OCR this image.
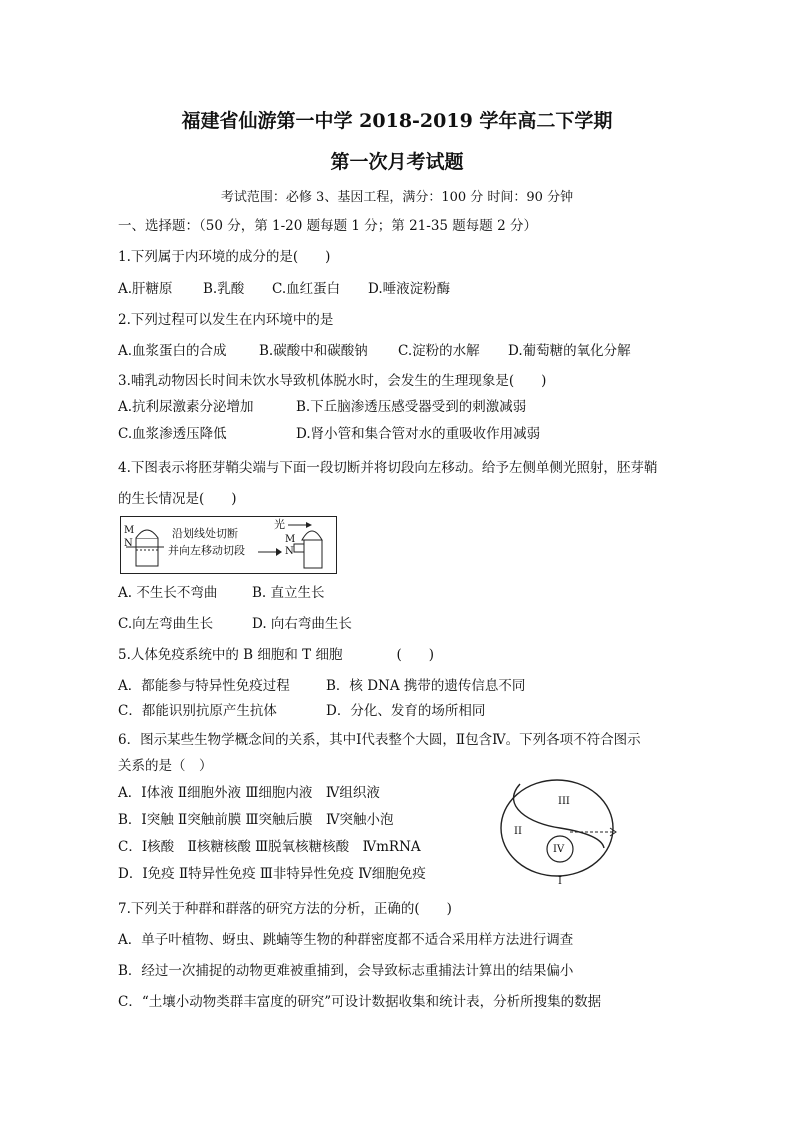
福建省仙游第一中学 2018-2019 学年高二下学期
第一次月考试题
考试范围：必修 3、基因工程，满分：100 分 时间：90 分钟
一、选择题：（50 分，第 1-20 题每题 1 分；第 21-35 题每题 2 分）
1.下列属于内环境的成分的是(　　)
A.肝糖原 B.乳酸 C.血红蛋白 D.唾液淀粉酶
2.下列过程可以发生在内环境中的是
A.血浆蛋白的合成 B.碳酸中和碳酸钠 C.淀粉的水解 D.葡萄糖的氧化分解
3.哺乳动物因长时间未饮水导致机体脱水时，会发生的生理现象是(　　)
A.抗利尿激素分泌增加	B.下丘脑渗透压感受器受到的刺激减弱
C.血浆渗透压降低	D.肾小管和集合管对水的重吸收作用减弱
4.下图表示将胚芽鞘尖端与下面一段切断并将切段向左移动。给予左侧单侧光照射，胚芽鞘
的生长情况是(　　)
M
N
沿划线处切断
并向左移动切段
光
M
N
A. 不生长不弯曲	B. 直立生长
C.向左弯曲生长	D. 向右弯曲生长
5.人体免疫系统中的 B 细胞和 T 细胞　　　　(　　)
A．都能参与特异性免疫过程	B．核 DNA 携带的遗传信息不同
C．都能识别抗原产生抗体	D．分化、发育的场所相同
6．图示某些生物学概念间的关系，其中Ⅰ代表整个大圆，Ⅱ包含Ⅳ。下列各项不符合图示
关系的是（　）
A．Ⅰ体液 Ⅱ细胞外液 Ⅲ细胞内液　Ⅳ组织液
B．Ⅰ突触 Ⅱ突触前膜 Ⅲ突触后膜　Ⅳ突触小泡
C．Ⅰ核酸　Ⅱ核糖核酸 Ⅲ脱氧核糖核酸　ⅣmRNA
D．Ⅰ免疫 Ⅱ特异性免疫 Ⅲ非特异性免疫 Ⅳ细胞免疫
III
II
IV
I
7.下列关于种群和群落的研究方法的分析，正确的(　　)
A．单子叶植物、蚜虫、跳蝻等生物的种群密度都不适合采用样方法进行调查
B．经过一次捕捉的动物更难被重捕到，会导致标志重捕法计算出的结果偏小
C．“土壤小动物类群丰富度的研究”可设计数据收集和统计表，分析所搜集的数据
